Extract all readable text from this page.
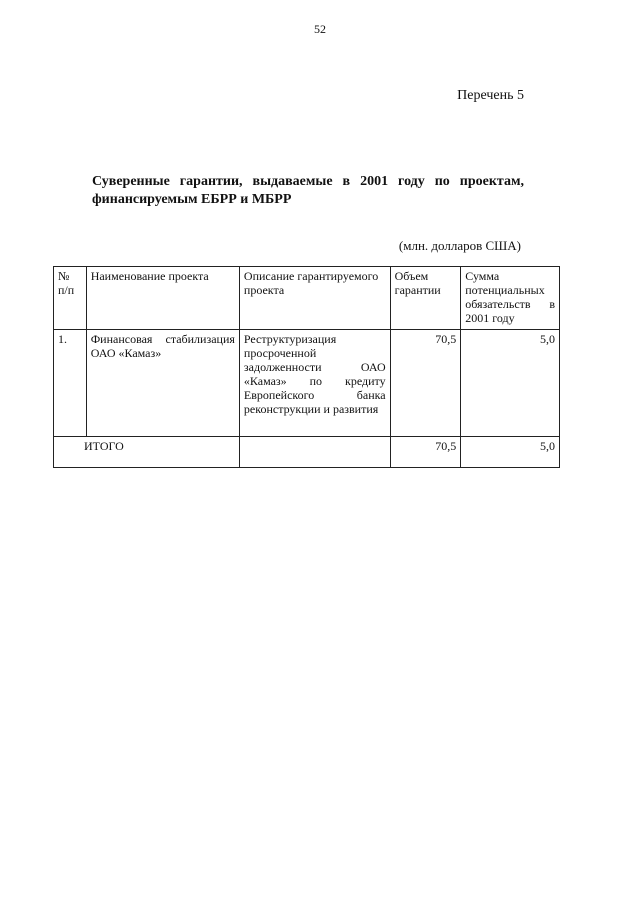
52
Перечень 5
Суверенные гарантии, выдаваемые в 2001 году по проектам, финансируемым ЕБРР и МБРР
(млн. долларов США)
№ п/п	Наименование проекта	Описание гарантируемого проекта	Объем гарантии	Сумма потенциальных обязательств в 2001 году
1.	Финансовая стабилизация ОАО «Камаз»	Реструктуризация просроченной задолженности ОАО «Камаз» по кредиту Европейского банка реконструкции и развития	70,5	5,0
ИТОГО			70,5	5,0
